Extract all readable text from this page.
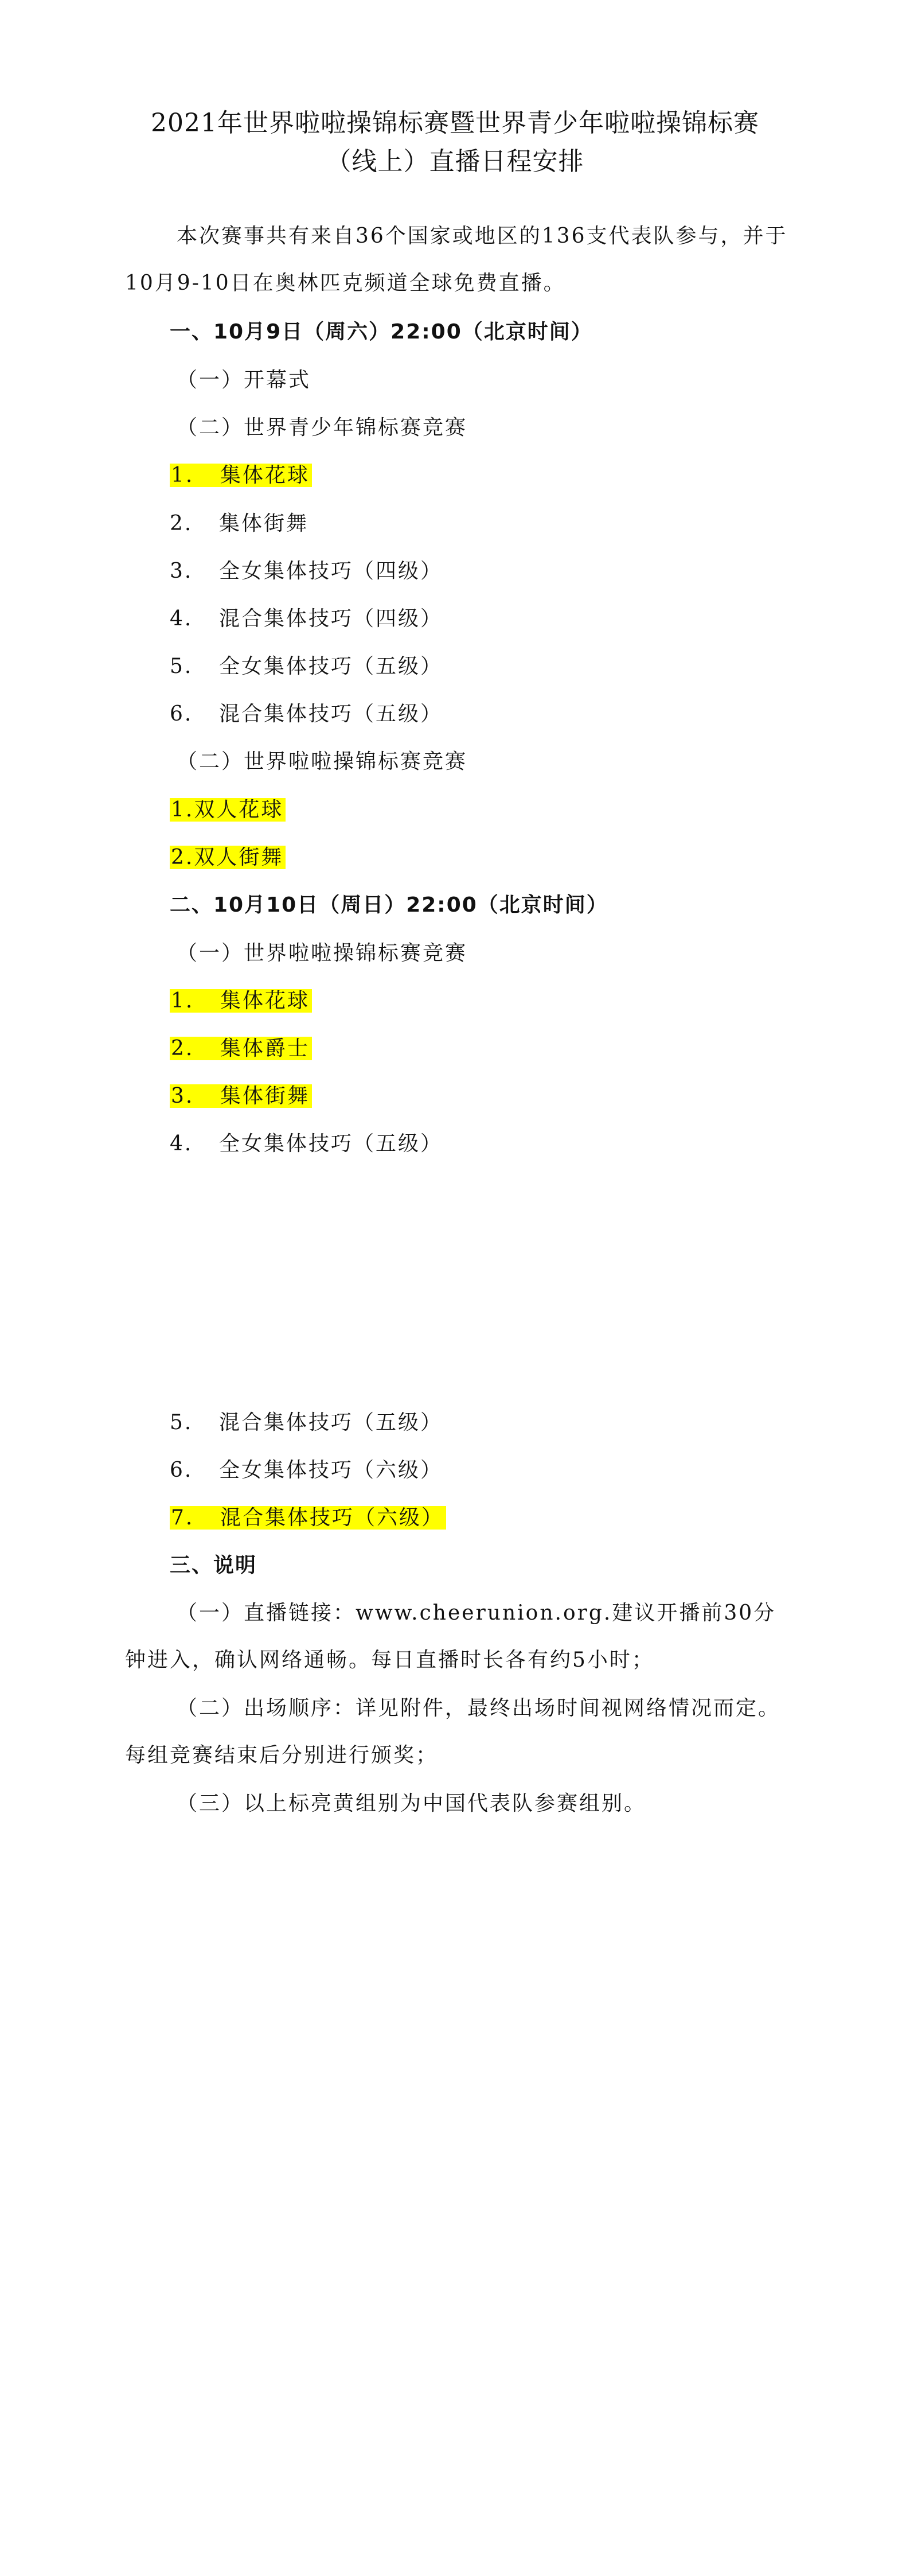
2021年世界啦啦操锦标赛暨世界青少年啦啦操锦标赛
（线上）直播日程安排

本次赛事共有来自36个国家或地区的136支代表队参与，并于10月9-10日在奥林匹克频道全球免费直播。

一、10月9日（周六）22:00（北京时间）
（一）开幕式
（二）世界青少年锦标赛竞赛
1. 集体花球
2. 集体街舞
3. 全女集体技巧（四级）
4. 混合集体技巧（四级）
5. 全女集体技巧（五级）
6. 混合集体技巧（五级）
（二）世界啦啦操锦标赛竞赛
1.双人花球
2.双人街舞
二、10月10日（周日）22:00（北京时间）
（一）世界啦啦操锦标赛竞赛
1. 集体花球
2. 集体爵士
3. 集体街舞
4. 全女集体技巧（五级）
5. 混合集体技巧（五级）
6. 全女集体技巧（六级）
7. 混合集体技巧（六级）
三、说明

（一）直播链接：www.cheerunion.org.建议开播前30分钟进入，确认网络通畅。每日直播时长各有约5小时；

（二）出场顺序：详见附件，最终出场时间视网络情况而定。每组竞赛结束后分别进行颁奖；

（三）以上标亮黄组别为中国代表队参赛组别。
